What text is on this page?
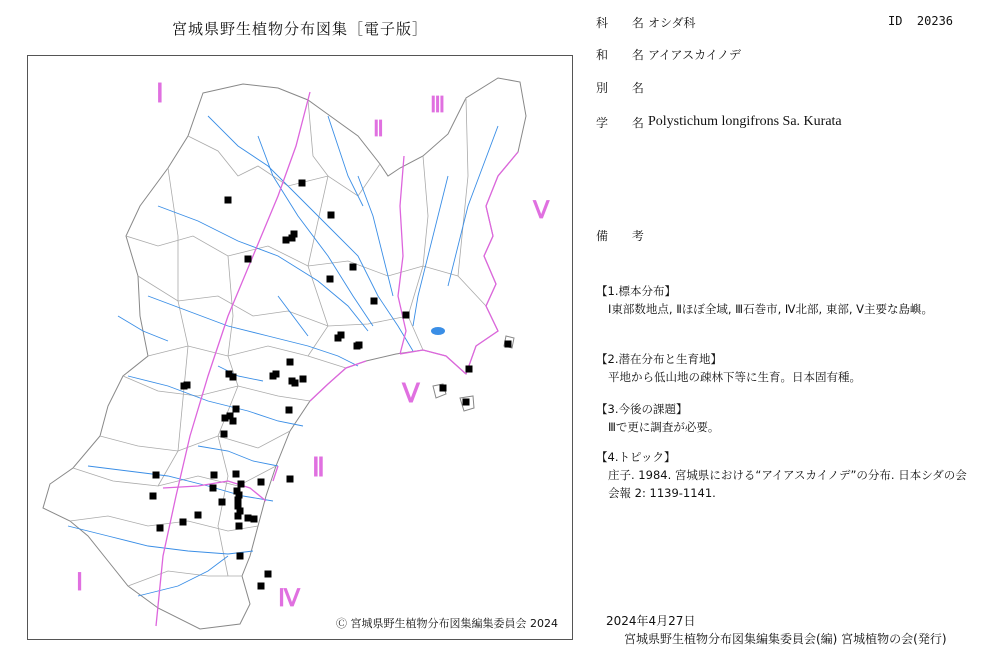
宮城県野生植物分布図集［電子版］
Ⅰ
Ⅱ
Ⅲ
Ⅴ
Ⅴ
Ⅱ
Ⅰ
Ⅳ
Ⓒ 宮城県野生植物分布図集編集委員会 2024
科 名
オシダ科	ID 20236
和 名
アイアスカイノデ
別 名
学 名
Polystichum longifrons Sa. Kurata
備 考
【1.標本分布】
Ⅰ東部数地点, Ⅱほぼ全域, Ⅲ石巻市, Ⅳ北部, 東部, Ⅴ主要な島嶼。
【2.潜在分布と生育地】
平地から低山地の疎林下等に生育。日本固有種。
【3.今後の課題】
Ⅲで更に調査が必要。
【4.トピック】
庄子. 1984. 宮城県における“アイアスカイノデ”の分布. 日本シダの会会報 2: 1139-1141.
2024年4月27日
宮城県野生植物分布図集編集委員会(編) 宮城植物の会(発行)
